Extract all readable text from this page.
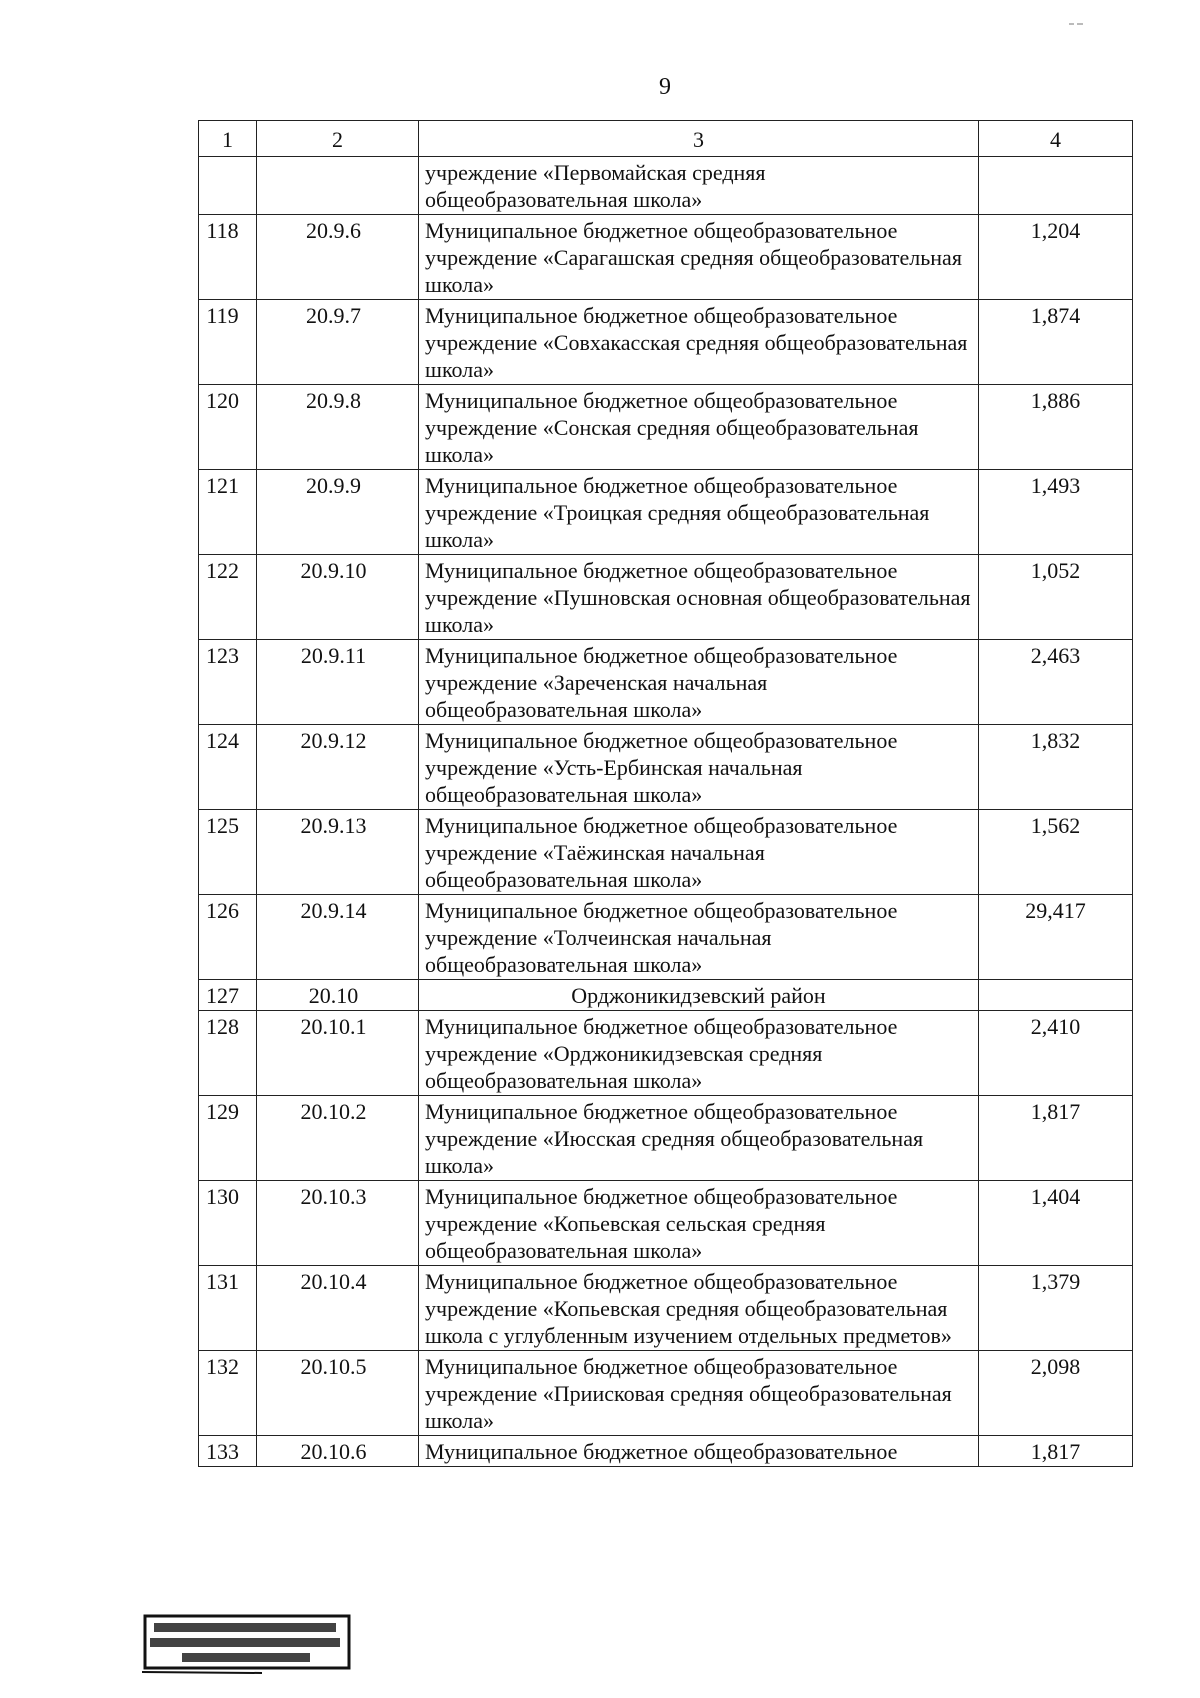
9
1	2	3	4
		учреждение «Первомайская средняя общеобразовательная школа»	
118	20.9.6	Муниципальное бюджетное общеобразовательное учреждение «Сарагашская средняя общеобразовательная школа»	1,204
119	20.9.7	Муниципальное бюджетное общеобразовательное учреждение «Совхакасская средняя общеобразовательная школа»	1,874
120	20.9.8	Муниципальное бюджетное общеобразовательное учреждение «Сонская средняя общеобразовательная школа»	1,886
121	20.9.9	Муниципальное бюджетное общеобразовательное учреждение «Троицкая средняя общеобразовательная школа»	1,493
122	20.9.10	Муниципальное бюджетное общеобразовательное учреждение «Пушновская основная общеобразовательная школа»	1,052
123	20.9.11	Муниципальное бюджетное общеобразовательное учреждение «Зареченская начальная общеобразовательная школа»	2,463
124	20.9.12	Муниципальное бюджетное общеобразовательное учреждение «Усть-Ербинская начальная общеобразовательная школа»	1,832
125	20.9.13	Муниципальное бюджетное общеобразовательное учреждение «Таёжинская начальная общеобразовательная школа»	1,562
126	20.9.14	Муниципальное бюджетное общеобразовательное учреждение «Толчеинская начальная общеобразовательная школа»	29,417
127	20.10	Орджоникидзевский район	
128	20.10.1	Муниципальное бюджетное общеобразовательное учреждение «Орджоникидзевская средняя общеобразовательная школа»	2,410
129	20.10.2	Муниципальное бюджетное общеобразовательное учреждение «Июсская средняя общеобразовательная школа»	1,817
130	20.10.3	Муниципальное бюджетное общеобразовательное учреждение «Копьевская сельская средняя общеобразовательная школа»	1,404
131	20.10.4	Муниципальное бюджетное общеобразовательное учреждение «Копьевская средняя общеобразовательная школа с углубленным изучением отдельных предметов»	1,379
132	20.10.5	Муниципальное бюджетное общеобразовательное учреждение «Приисковая средняя общеобразовательная школа»	2,098
133	20.10.6	Муниципальное бюджетное общеобразовательное	1,817
